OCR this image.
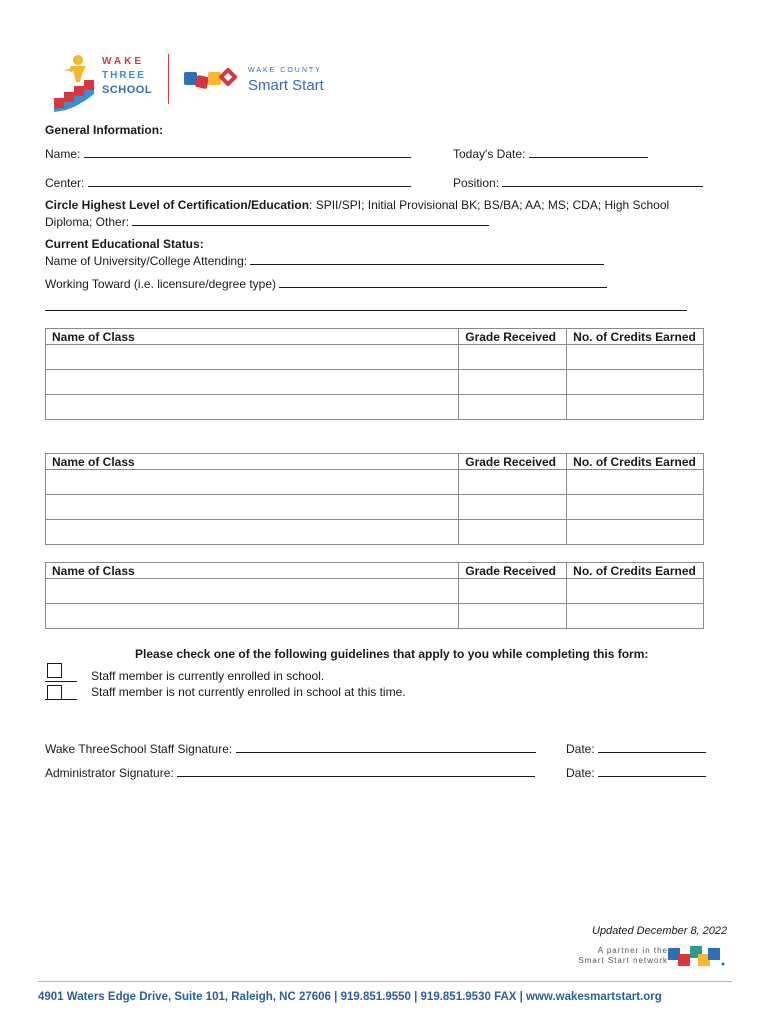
WAKE
THREE
SCHOOL
WAKE COUNTY
Smart Start
General Information:
Name:	Today's Date:
Center:	Position:
Circle Highest Level of Certification/Education: SPII/SPI; Initial Provisional BK; BS/BA; AA; MS; CDA; High School
Diploma; Other:
Current Educational Status:
Name of University/College Attending:
Working Toward (i.e. licensure/degree type)
Name of Class	Grade Received	No. of Credits Earned

Name of Class	Grade Received	No. of Credits Earned

Name of Class	Grade Received	No. of Credits Earned

Please check one of the following guidelines that apply to you while completing this form:
Staff member is currently enrolled in school.
Staff member is not currently enrolled in school at this time.
Wake ThreeSchool Staff Signature:	Date:
Administrator Signature:	Date:
Updated December 8, 2022
A partner in the
Smart Start network
4901 Waters Edge Drive, Suite 101, Raleigh, NC 27606 | 919.851.9550 | 919.851.9530 FAX | www.wakesmartstart.org
